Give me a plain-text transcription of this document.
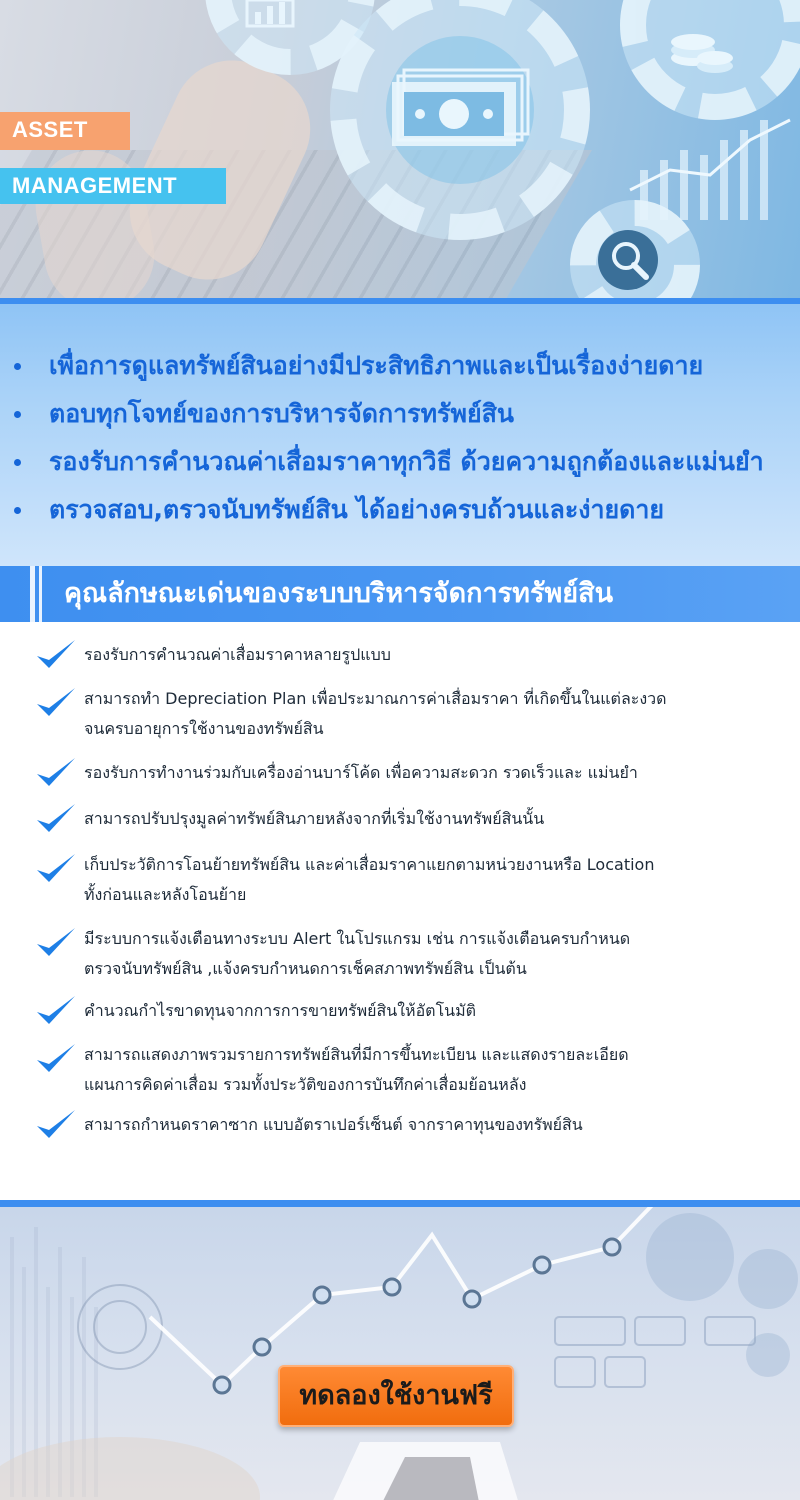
ASSET
MANAGEMENT
เพื่อการดูแลทรัพย์สินอย่างมีประสิทธิภาพและเป็นเรื่องง่ายดาย
ตอบทุกโจทย์ของการบริหารจัดการทรัพย์สิน
รองรับการคำนวณค่าเสื่อมราคาทุกวิธี ด้วยความถูกต้องและแม่นยำ
ตรวจสอบ,ตรวจนับทรัพย์สิน ได้อย่างครบถ้วนและง่ายดาย
คุณลักษณะเด่นของระบบบริหารจัดการทรัพย์สิน
รองรับการคำนวณค่าเสื่อมราคาหลายรูปแบบ
สามารถทำ Depreciation Plan เพื่อประมาณการค่าเสื่อมราคา ที่เกิดขึ้นในแต่ละงวด
จนครบอายุการใช้งานของทรัพย์สิน
รองรับการทำงานร่วมกับเครื่องอ่านบาร์โค้ด เพื่อความสะดวก รวดเร็วและ แม่นยำ
สามารถปรับปรุงมูลค่าทรัพย์สินภายหลังจากที่เริ่มใช้งานทรัพย์สินนั้น
เก็บประวัติการโอนย้ายทรัพย์สิน และค่าเสื่อมราคาแยกตามหน่วยงานหรือ Location
ทั้งก่อนและหลังโอนย้าย
มีระบบการแจ้งเตือนทางระบบ Alert ในโปรแกรม เช่น การแจ้งเตือนครบกำหนด
ตรวจนับทรัพย์สิน ,แจ้งครบกำหนดการเช็คสภาพทรัพย์สิน เป็นต้น
คำนวณกำไรขาดทุนจากการการขายทรัพย์สินให้อัตโนมัติ
สามารถแสดงภาพรวมรายการทรัพย์สินที่มีการขึ้นทะเบียน และแสดงรายละเอียด
แผนการคิดค่าเสื่อม รวมทั้งประวัติของการบันทึกค่าเสื่อมย้อนหลัง
สามารถกำหนดราคาซาก แบบอัตราเปอร์เซ็นต์ จากราคาทุนของทรัพย์สิน
ทดลองใช้งานฟรี
